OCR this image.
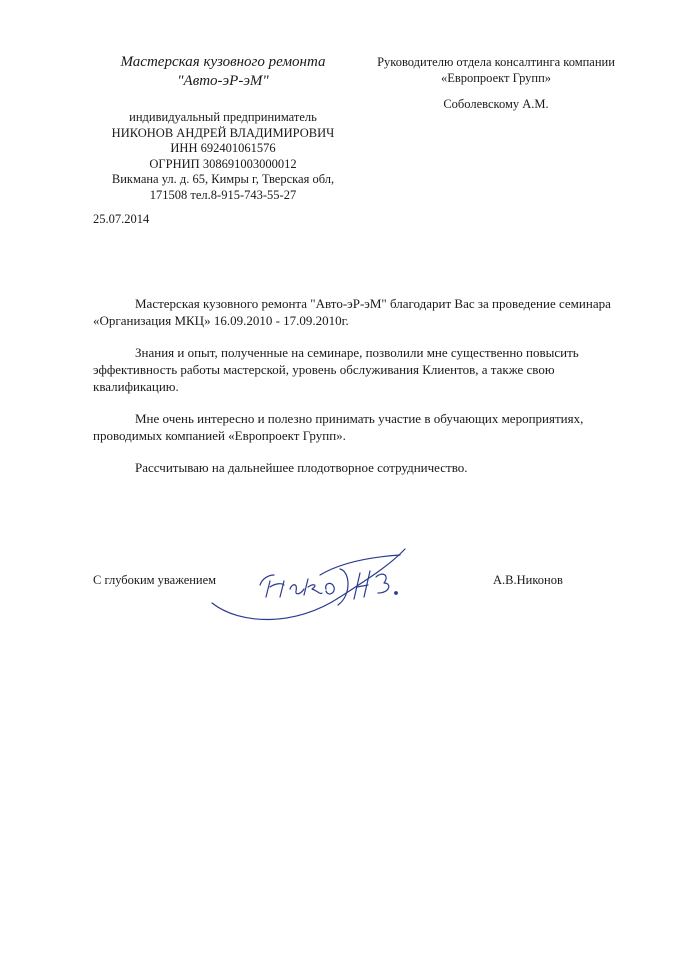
Мастерская кузовного ремонта
"Авто-эР-эМ"
индивидуальный предприниматель
НИКОНОВ АНДРЕЙ ВЛАДИМИРОВИЧ
ИНН 692401061576
ОГРНИП 308691003000012
Викмана ул. д. 65, Кимры г, Тверская обл,
171508 тел.8-915-743-55-27
Руководителю отдела консалтинга компании
«Европроект Групп»
Соболевскому А.М.
25.07.2014

Мастерская кузовного ремонта "Авто-эР-эМ" благодарит Вас за проведение семинара «Организация МКЦ» 16.09.2010 - 17.09.2010г.

Знания и опыт, полученные на семинаре, позволили мне существенно повысить эффективность работы мастерской, уровень обслуживания Клиентов, а также свою квалификацию.

Мне очень интересно и полезно принимать участие в обучающих мероприятиях, проводимых компанией «Европроект Групп».

Рассчитываю на дальнейшее плодотворное сотрудничество.

С глубоким уважением	А.В.Никонов
